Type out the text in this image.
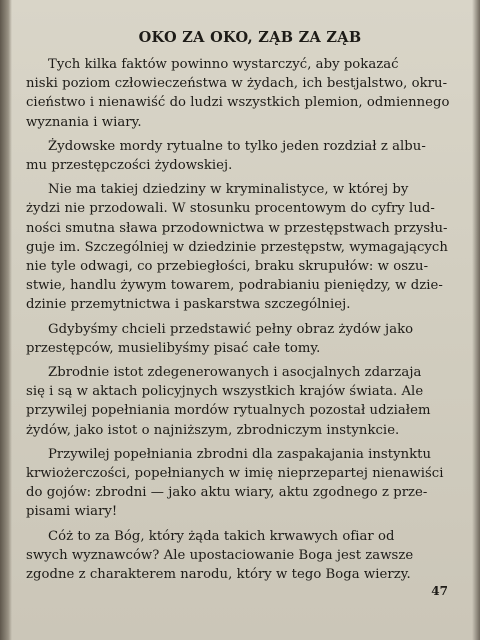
OKO ZA OKO, ZĄB ZA ZĄB
Tych kilka faktów powinno wystarczyć, aby pokazać
niski poziom człowieczeństwa w żydach, ich bestjalstwo, okru-
cieństwo i nienawiść do ludzi wszystkich plemion, odmiennego
wyznania i wiary.
Żydowske mordy rytualne to tylko jeden rozdział z albu-
mu przestępczości żydowskiej.
Nie ma takiej dziedziny w kryminalistyce, w której by
żydzi nie przodowali. W stosunku procentowym do cyfry lud-
ności smutna sława przodownictwa w przestępstwach przysłu-
guje im. Szczególniej w dziedzinie przestępstw, wymagających
nie tyle odwagi, co przebiegłości, braku skrupułów: w oszu-
stwie, handlu żywym towarem, podrabianiu pieniędzy, w dzie-
dzinie przemytnictwa i paskarstwa szczególniej.
Gdybyśmy chcieli przedstawić pełny obraz żydów jako
przestępców, musielibyśmy pisać całe tomy.
Zbrodnie istot zdegenerowanych i asocjalnych zdarzaja
się i są w aktach policyjnych wszystkich krajów świata. Ale
przywilej popełniania mordów rytualnych pozostał udziałem
żydów, jako istot o najniższym, zbrodniczym instynkcie.
Przywilej popełniania zbrodni dla zaspakajania instynktu
krwiożerczości, popełnianych w imię nieprzepartej nienawiści
do gojów: zbrodni — jako aktu wiary, aktu zgodnego z prze-
pisami wiary!
Cóż to za Bóg, który żąda takich krwawych ofiar od
swych wyznawców? Ale upostaciowanie Boga jest zawsze
zgodne z charakterem narodu, który w tego Boga wierzy.
47
